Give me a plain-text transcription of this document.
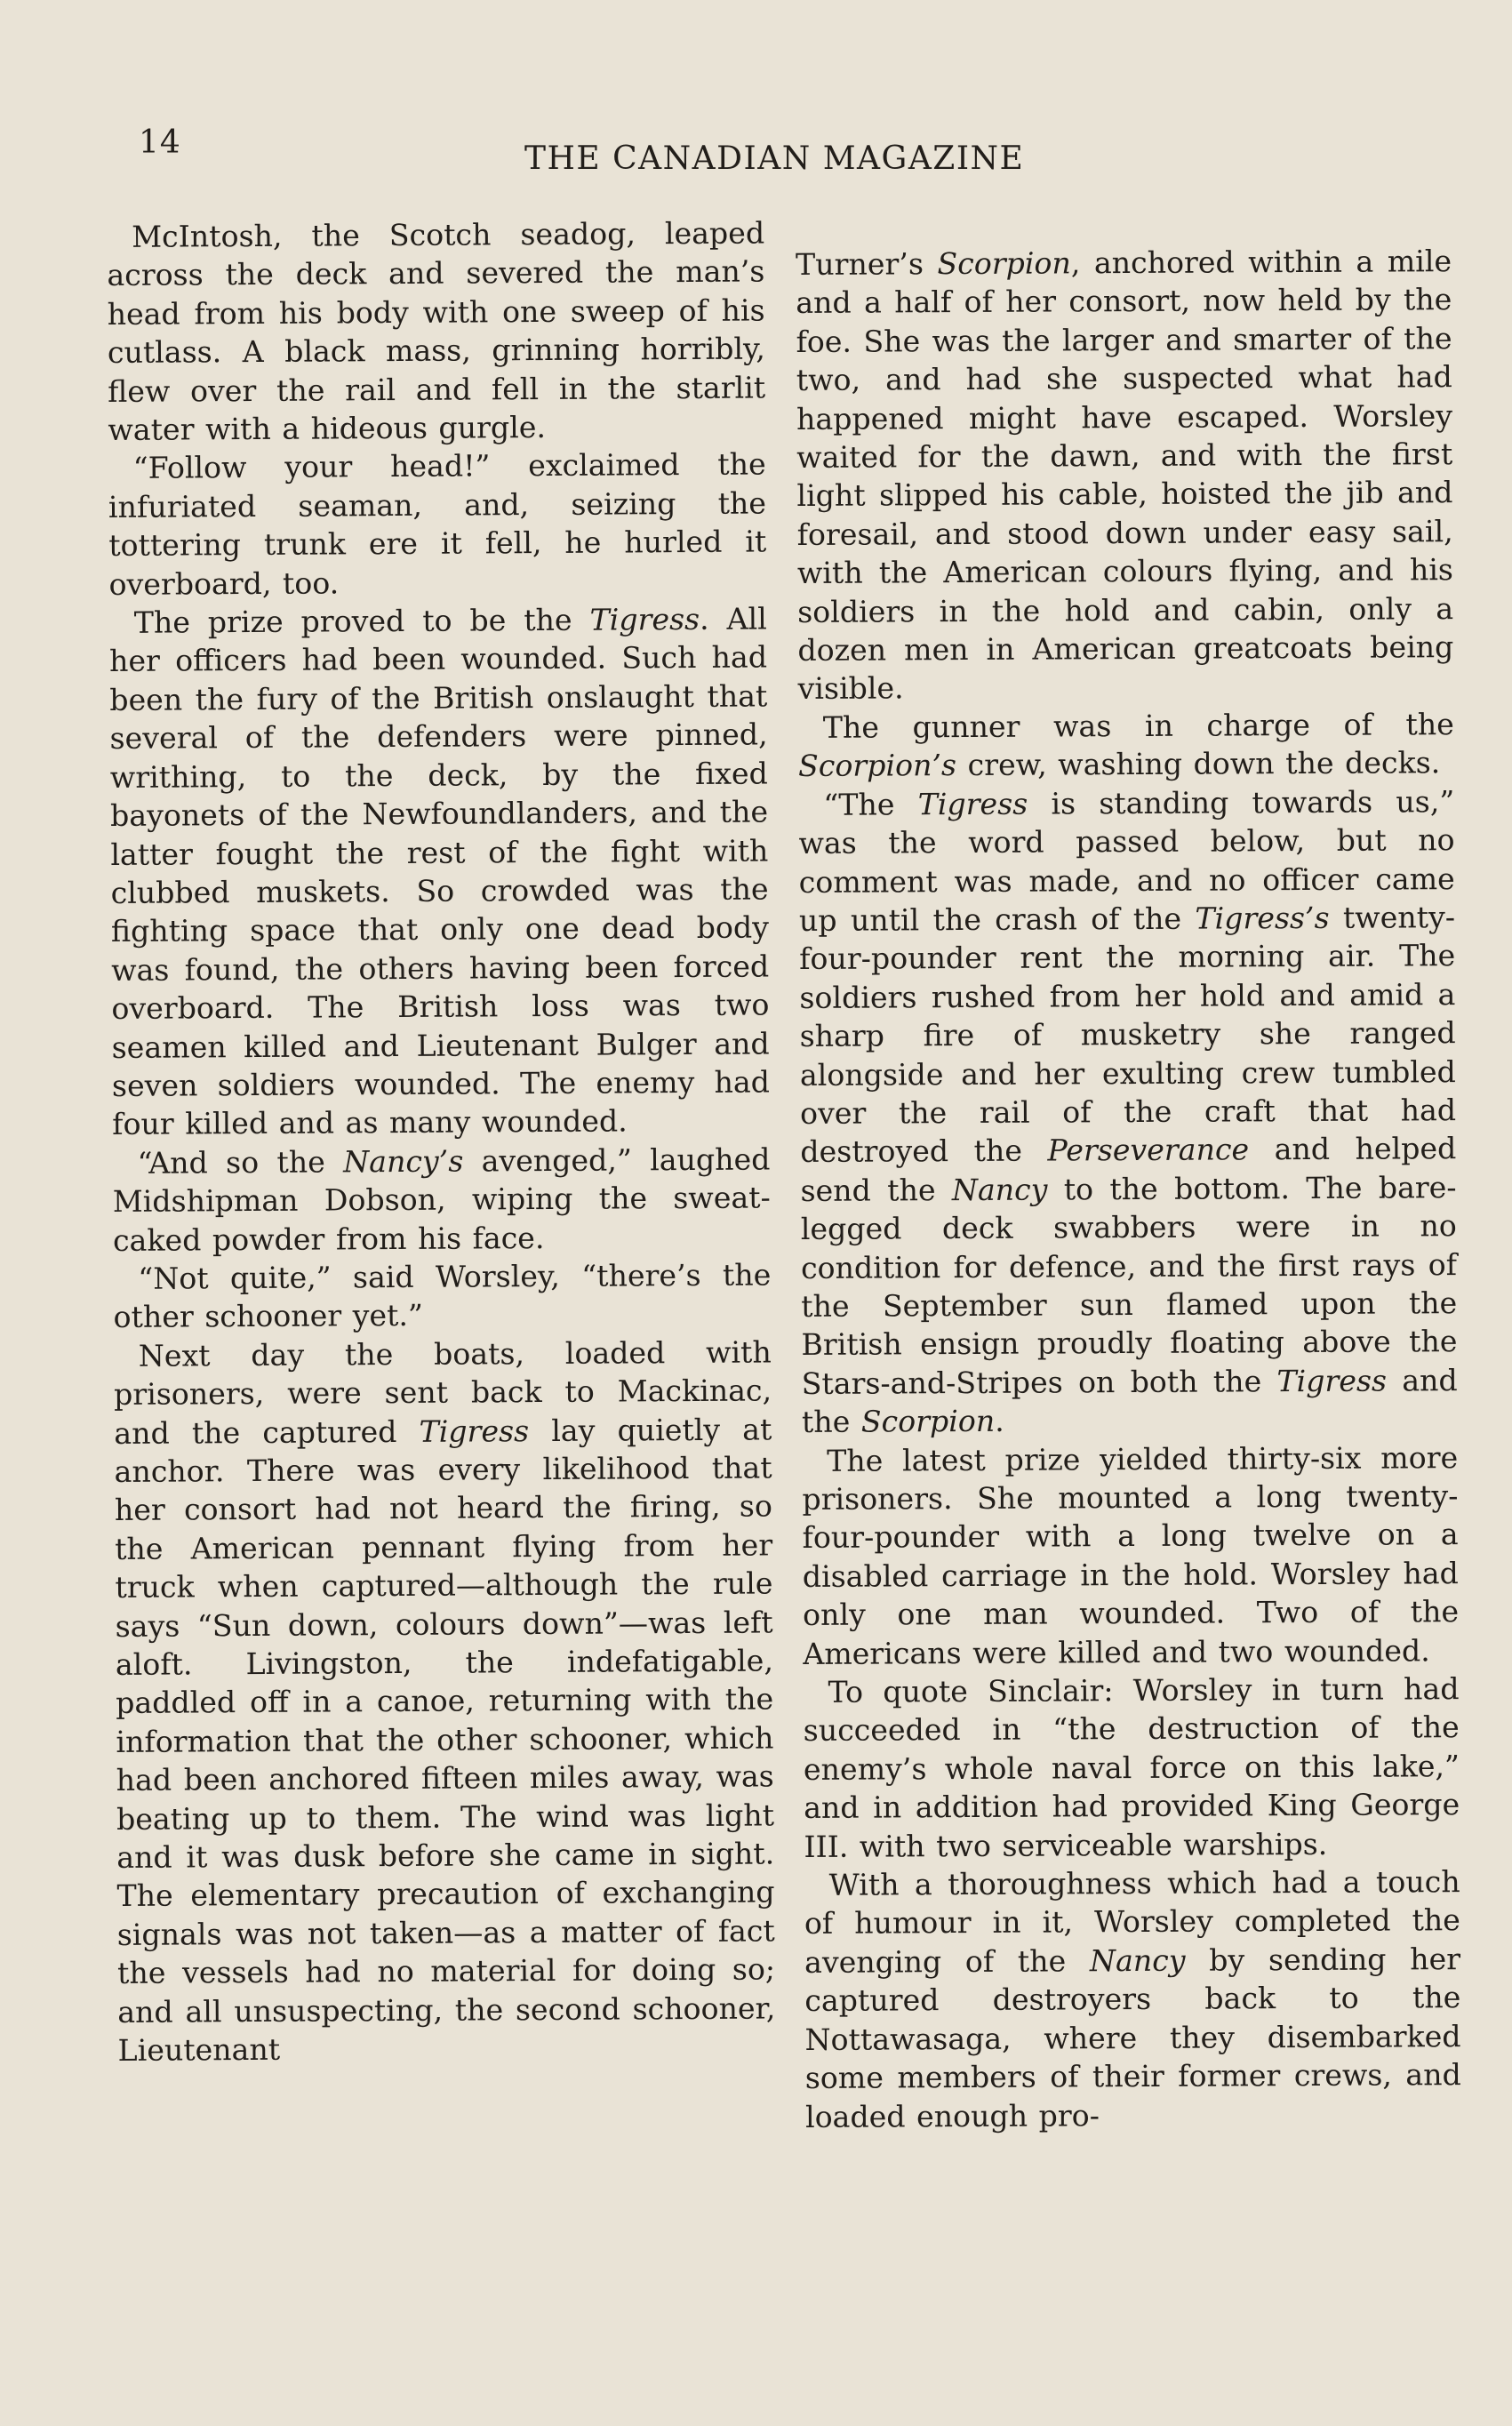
14	THE CANADIAN MAGAZINE

McIntosh, the Scotch seadog, leaped across the deck and severed the man’s head from his body with one sweep of his cutlass. A black mass, grinning horribly, flew over the rail and fell in the starlit water with a hideous gurgle.

“Follow your head!” exclaimed the infuriated seaman, and, seizing the tottering trunk ere it fell, he hurled it overboard, too.

The prize proved to be the Tigress. All her officers had been wounded. Such had been the fury of the British onslaught that several of the defenders were pinned, writhing, to the deck, by the fixed bayonets of the Newfoundlanders, and the latter fought the rest of the fight with clubbed muskets. So crowded was the fighting space that only one dead body was found, the others having been forced overboard. The British loss was two seamen killed and Lieutenant Bulger and seven soldiers wounded. The enemy had four killed and as many wounded.

“And so the Nancy’s avenged,” laughed Midshipman Dobson, wiping the sweat-caked powder from his face.

“Not quite,” said Worsley, “there’s the other schooner yet.”

Next day the boats, loaded with prisoners, were sent back to Mackinac, and the captured Tigress lay quietly at anchor. There was every likelihood that her consort had not heard the firing, so the American pennant flying from her truck when captured—although the rule says “Sun down, colours down”—was left aloft. Livingston, the indefatigable, paddled off in a canoe, returning with the information that the other schooner, which had been anchored fifteen miles away, was beating up to them. The wind was light and it was dusk before she came in sight. The elementary precaution of exchanging signals was not taken—as a matter of fact the vessels had no material for doing so; and all unsuspecting, the second schooner, Lieutenant

Turner’s Scorpion, anchored within a mile and a half of her consort, now held by the foe. She was the larger and smarter of the two, and had she suspected what had happened might have escaped. Worsley waited for the dawn, and with the first light slipped his cable, hoisted the jib and foresail, and stood down under easy sail, with the American colours flying, and his soldiers in the hold and cabin, only a dozen men in American greatcoats being visible.

The gunner was in charge of the Scorpion’s crew, washing down the decks.

“The Tigress is standing towards us,” was the word passed below, but no comment was made, and no officer came up until the crash of the Tigress’s twenty-four-pounder rent the morning air. The soldiers rushed from her hold and amid a sharp fire of musketry she ranged alongside and her exulting crew tumbled over the rail of the craft that had destroyed the Perseverance and helped send the Nancy to the bottom. The bare-legged deck swabbers were in no condition for defence, and the first rays of the September sun flamed upon the British ensign proudly floating above the Stars-and-Stripes on both the Tigress and the Scorpion.

The latest prize yielded thirty-six more prisoners. She mounted a long twenty-four-pounder with a long twelve on a disabled carriage in the hold. Worsley had only one man wounded. Two of the Americans were killed and two wounded.

To quote Sinclair: Worsley in turn had succeeded in “the destruction of the enemy’s whole naval force on this lake,” and in addition had provided King George III. with two serviceable warships.

With a thoroughness which had a touch of humour in it, Worsley completed the avenging of the Nancy by sending her captured destroyers back to the Nottawasaga, where they disembarked some members of their former crews, and loaded enough pro-
